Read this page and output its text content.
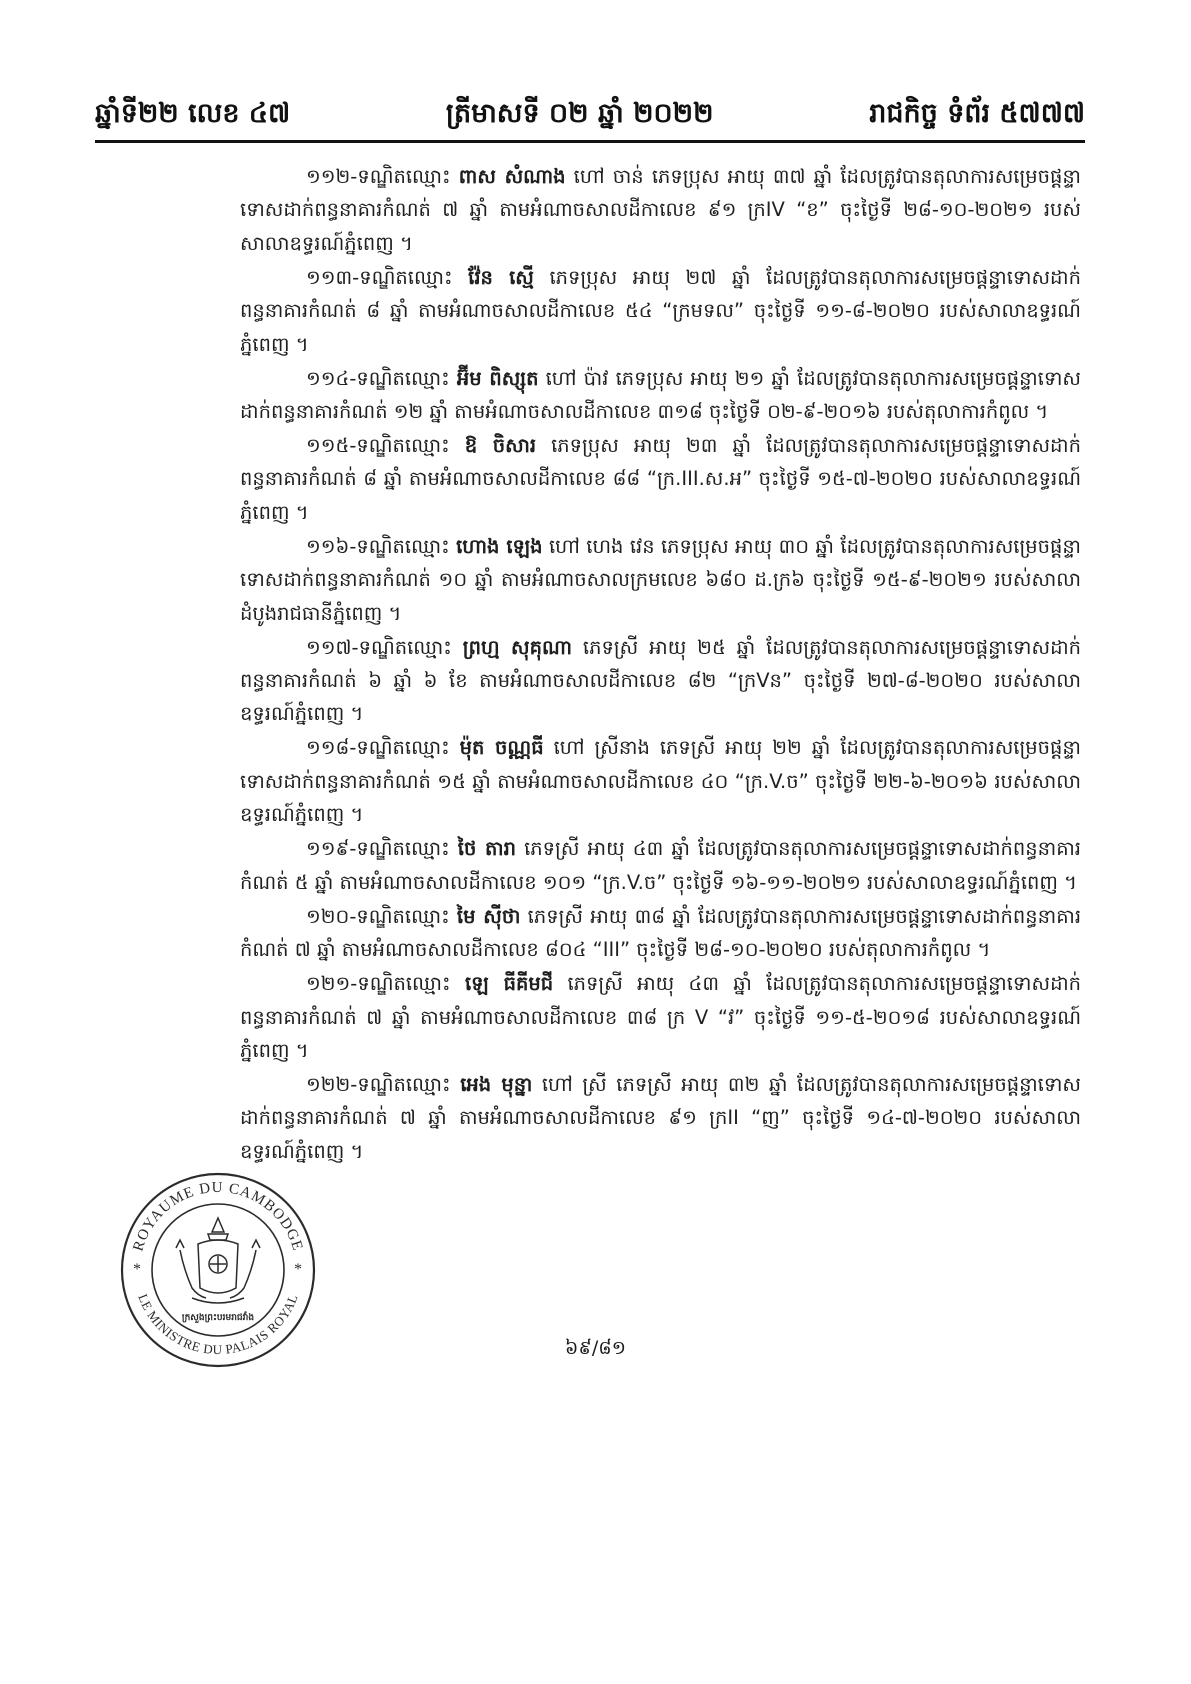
ឆ្នាំទី២២ លេខ ៤៧	ត្រីមាសទី ០២ ឆ្នាំ ២០២២	រាជកិច្ច ទំព័រ ៥៧៧៧

១១២-ទណ្ឌិតឈ្មោះ ពាស សំណាង ហៅ ចាន់ ភេទប្រុស អាយុ ៣៧ ឆ្នាំ ដែលត្រូវបានតុលាការសម្រេចផ្តន្ទាទោសដាក់ពន្ធនាគារកំណត់ ៧ ឆ្នាំ តាមអំណាចសាលដីកាលេខ ៩១ ក្រIV “ខ” ចុះថ្ងៃទី ២៨-១០-២០២១ របស់សាលាឧទ្ធរណ៍ភ្នំពេញ ។

១១៣-ទណ្ឌិតឈ្មោះ វ៉ែន ស្មើ ភេទប្រុស អាយុ ២៧ ឆ្នាំ ដែលត្រូវបានតុលាការសម្រេចផ្តន្ទាទោសដាក់ពន្ធនាគារកំណត់ ៨ ឆ្នាំ តាមអំណាចសាលដីកាលេខ ៥៤ “ក្រមទល” ចុះថ្ងៃទី ១១-៨-២០២០ របស់សាលាឧទ្ធរណ៍ភ្នំពេញ ។

១១៤-ទណ្ឌិតឈ្មោះ អ៊ីម ពិស្សុត ហៅ ប៉ាវ ភេទប្រុស អាយុ ២១ ឆ្នាំ ដែលត្រូវបានតុលាការសម្រេចផ្តន្ទាទោសដាក់ពន្ធនាគារកំណត់ ១២ ឆ្នាំ តាមអំណាចសាលដីកាលេខ ៣១៨ ចុះថ្ងៃទី ០២-៩-២០១៦ របស់តុលាការកំពូល ។

១១៥-ទណ្ឌិតឈ្មោះ ឱ ចិសារ ភេទប្រុស អាយុ ២៣ ឆ្នាំ ដែលត្រូវបានតុលាការសម្រេចផ្តន្ទាទោសដាក់ពន្ធនាគារកំណត់ ៨ ឆ្នាំ តាមអំណាចសាលដីកាលេខ ៨៨ “ក្រ.III.ស.អ” ចុះថ្ងៃទី ១៥-៧-២០២០ របស់សាលាឧទ្ធរណ៍ភ្នំពេញ ។

១១៦-ទណ្ឌិតឈ្មោះ ហោង ឡេង ហៅ ហេង វេន ភេទប្រុស អាយុ ៣០ ឆ្នាំ ដែលត្រូវបានតុលាការសម្រេចផ្តន្ទាទោសដាក់ពន្ធនាគារកំណត់ ១០ ឆ្នាំ តាមអំណាចសាលក្រមលេខ ៦៨០ ដ.ក្រ៦ ចុះថ្ងៃទី ១៥-៩-២០២១ របស់សាលាដំបូងរាជធានីភ្នំពេញ ។

១១៧-ទណ្ឌិតឈ្មោះ ព្រហ្ម សុគុណា ភេទស្រី អាយុ ២៥ ឆ្នាំ ដែលត្រូវបានតុលាការសម្រេចផ្តន្ទាទោសដាក់ពន្ធនាគារកំណត់ ៦ ឆ្នាំ ៦ ខែ តាមអំណាចសាលដីកាលេខ ៨២ “ក្រVន” ចុះថ្ងៃទី ២៧-៨-២០២០ របស់សាលាឧទ្ធរណ៍ភ្នំពេញ ។

១១៨-ទណ្ឌិតឈ្មោះ ម៉ុត ចណ្ណធី ហៅ ស្រីនាង ភេទស្រី អាយុ ២២ ឆ្នាំ ដែលត្រូវបានតុលាការសម្រេចផ្តន្ទាទោសដាក់ពន្ធនាគារកំណត់ ១៥ ឆ្នាំ តាមអំណាចសាលដីកាលេខ ៤០ “ក្រ.V.ច” ចុះថ្ងៃទី ២២-៦-២០១៦ របស់សាលាឧទ្ធរណ៍ភ្នំពេញ ។

១១៩-ទណ្ឌិតឈ្មោះ ថៃ តារា ភេទស្រី អាយុ ៤៣ ឆ្នាំ ដែលត្រូវបានតុលាការសម្រេចផ្តន្ទាទោសដាក់ពន្ធនាគារកំណត់ ៥ ឆ្នាំ តាមអំណាចសាលដីកាលេខ ១០១ “ក្រ.V.ច” ចុះថ្ងៃទី ១៦-១១-២០២១ របស់សាលាឧទ្ធរណ៍ភ្នំពេញ ។

១២០-ទណ្ឌិតឈ្មោះ មៃ ស៊ីថា ភេទស្រី អាយុ ៣៨ ឆ្នាំ ដែលត្រូវបានតុលាការសម្រេចផ្តន្ទាទោសដាក់ពន្ធនាគារកំណត់ ៧ ឆ្នាំ តាមអំណាចសាលដីកាលេខ ៨០៤ “III” ចុះថ្ងៃទី ២៨-១០-២០២០ របស់តុលាការកំពូល ។

១២១-ទណ្ឌិតឈ្មោះ ឡេ ធីគីមជី ភេទស្រី អាយុ ៤៣ ឆ្នាំ ដែលត្រូវបានតុលាការសម្រេចផ្តន្ទាទោសដាក់ពន្ធនាគារកំណត់ ៧ ឆ្នាំ តាមអំណាចសាលដីកាលេខ ៣៨ ក្រ V “វ” ចុះថ្ងៃទី ១១-៥-២០១៨ របស់សាលាឧទ្ធរណ៍ភ្នំពេញ ។

១២២-ទណ្ឌិតឈ្មោះ អេង មុន្នា ហៅ ស្រី ភេទស្រី អាយុ ៣២ ឆ្នាំ ដែលត្រូវបានតុលាការសម្រេចផ្តន្ទាទោសដាក់ពន្ធនាគារកំណត់ ៧ ឆ្នាំ តាមអំណាចសាលដីកាលេខ ៩១ ក្រII “ញ” ចុះថ្ងៃទី ១៤-៧-២០២០ របស់សាលាឧទ្ធរណ៍ភ្នំពេញ ។

ROYAUME DU CAMBODGE
LE MINISTRE DU PALAIS ROYAL
*	*
ក្រសួងព្រះបរមរាជវាំង
៦៩/៨១
